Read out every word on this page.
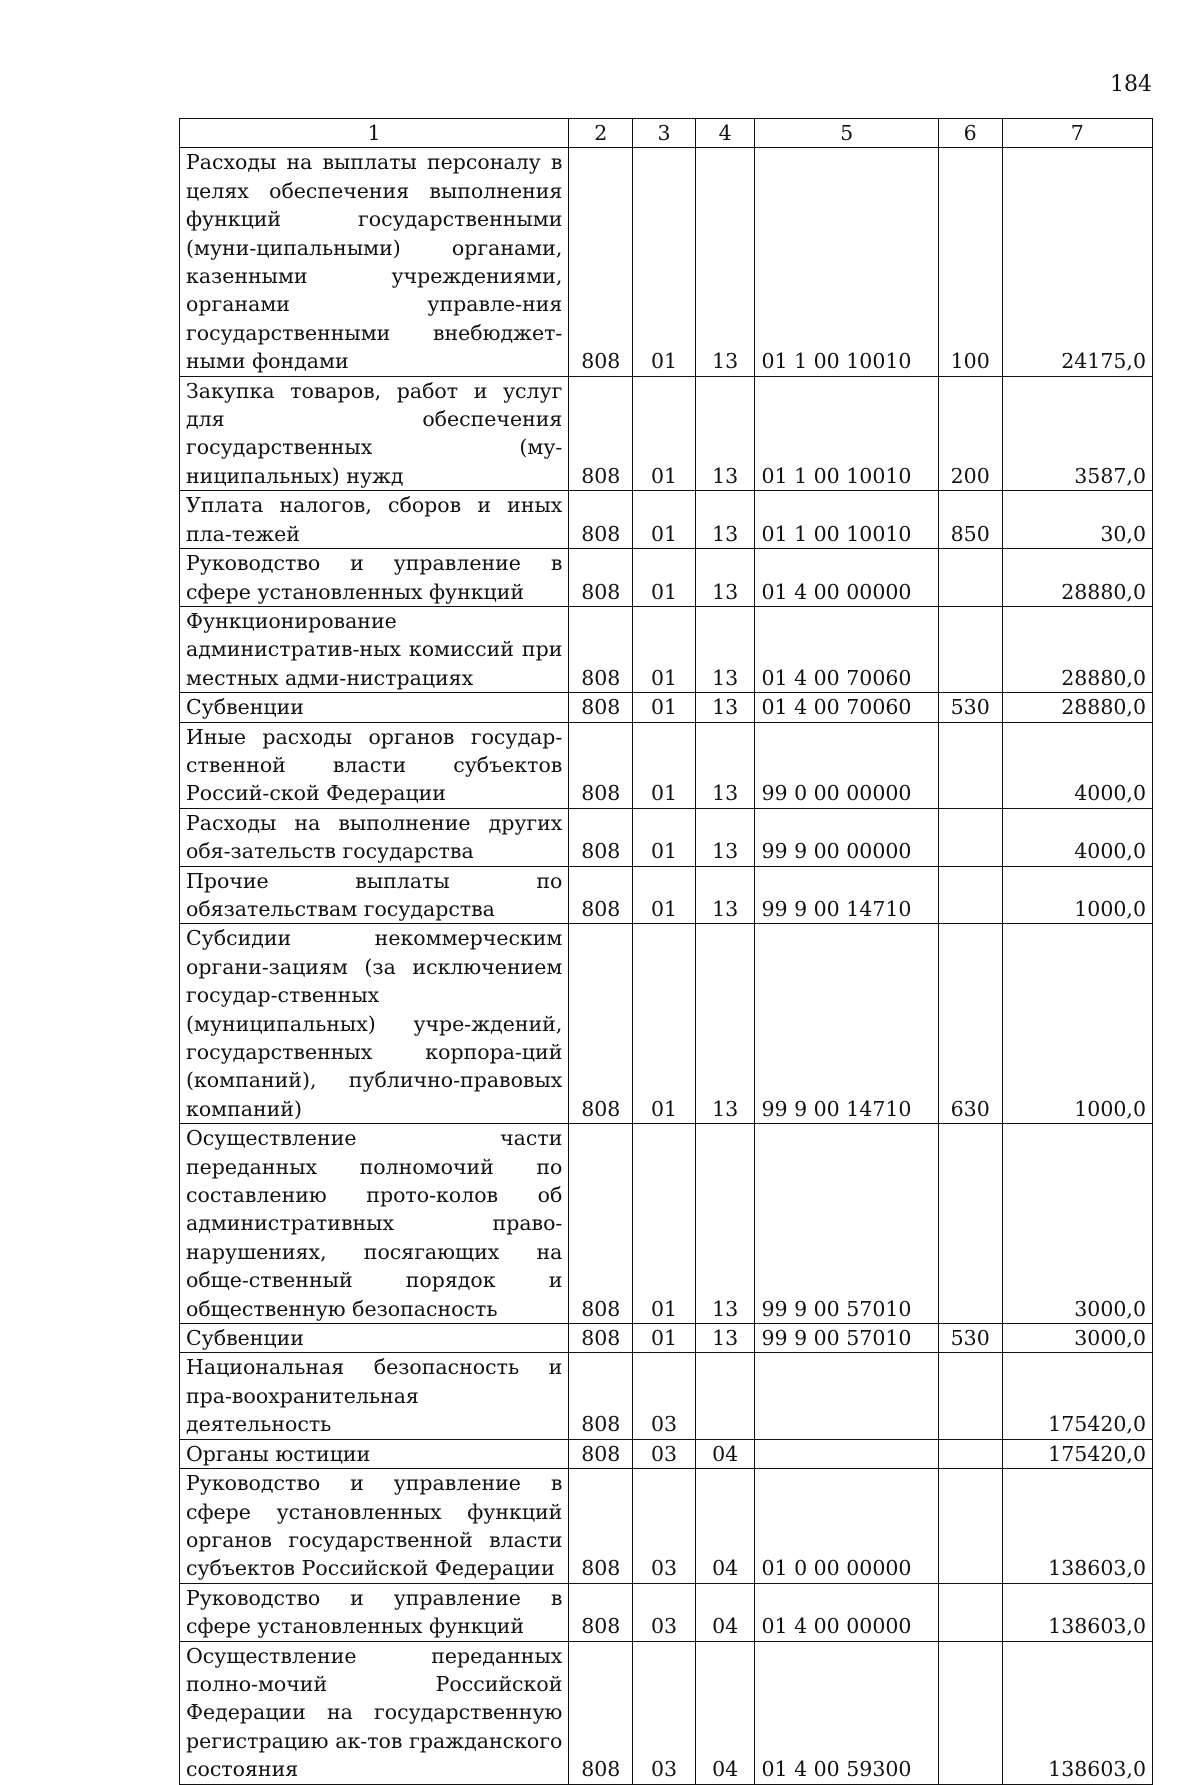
184
1	2	3	4	5	6	7
Расходы на выплаты персоналу в целях обеспечения выполнения функций государственными (муни-ципальными) органами, казенными учреждениями, органами управле-ния государственными внебюджет-ными фондами	808	01	13	01 1 00 10010	100	24175,0
Закупка товаров, работ и услуг для обеспечения государственных (му-ниципальных) нужд	808	01	13	01 1 00 10010	200	3587,0
Уплата налогов, сборов и иных пла-тежей	808	01	13	01 1 00 10010	850	30,0
Руководство и управление в сфере установленных функций	808	01	13	01 4 00 00000		28880,0
Функционирование административ-ных комиссий при местных адми-нистрациях	808	01	13	01 4 00 70060		28880,0
Субвенции	808	01	13	01 4 00 70060	530	28880,0
Иные расходы органов государ-ственной власти субъектов Россий-ской Федерации	808	01	13	99 0 00 00000		4000,0
Расходы на выполнение других обя-зательств государства	808	01	13	99 9 00 00000		4000,0
Прочие выплаты по обязательствам государства	808	01	13	99 9 00 14710		1000,0
Субсидии некоммерческим органи-зациям (за исключением государ-ственных (муниципальных) учре-ждений, государственных корпора-ций (компаний), публично-правовых компаний)	808	01	13	99 9 00 14710	630	1000,0
Осуществление части переданных полномочий по составлению прото-колов об административных право-нарушениях, посягающих на обще-ственный порядок и общественную безопасность	808	01	13	99 9 00 57010		3000,0
Субвенции	808	01	13	99 9 00 57010	530	3000,0
Национальная безопасность и пра-воохранительная деятельность	808	03				175420,0
Органы юстиции	808	03	04			175420,0
Руководство и управление в сфере установленных функций органов государственной власти субъектов Российской Федерации	808	03	04	01 0 00 00000		138603,0
Руководство и управление в сфере установленных функций	808	03	04	01 4 00 00000		138603,0
Осуществление переданных полно-мочий Российской Федерации на государственную регистрацию ак-тов гражданского состояния	808	03	04	01 4 00 59300		138603,0
